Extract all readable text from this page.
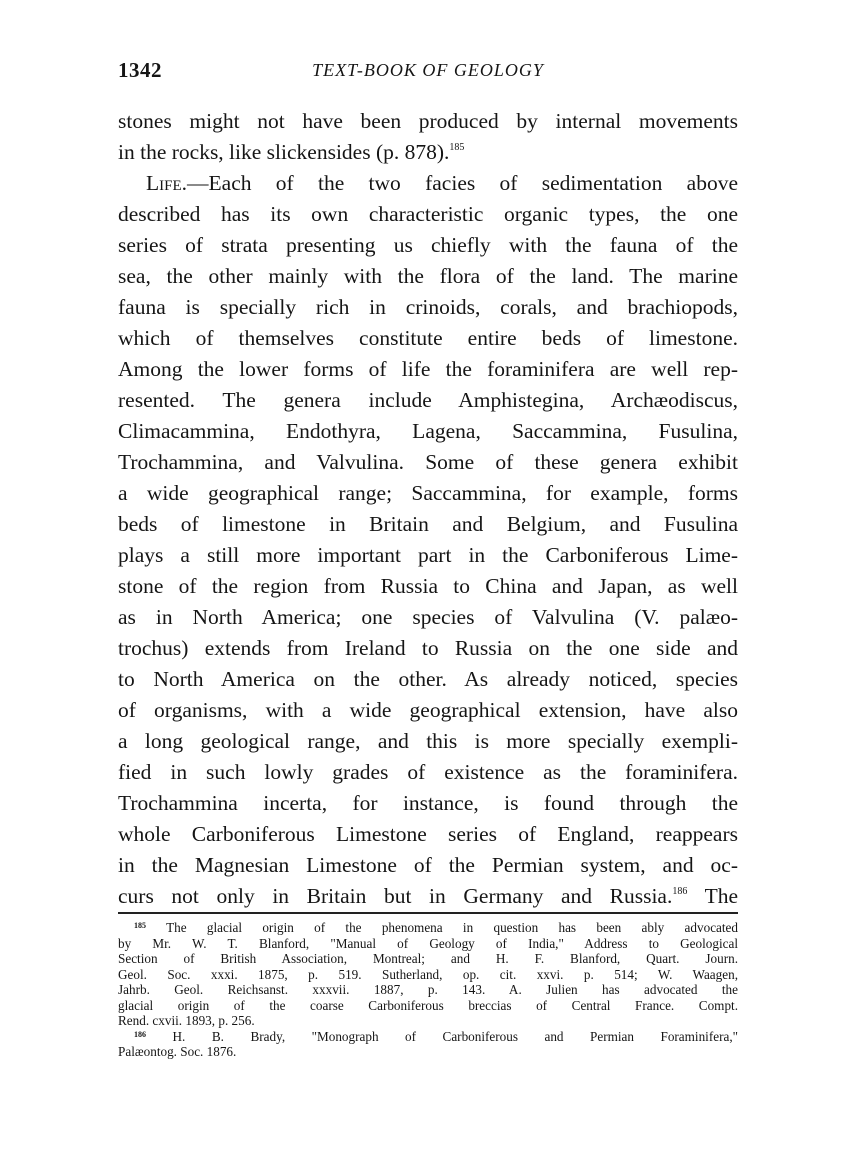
1342	TEXT-BOOK OF GEOLOGY
stones might not have been produced by internal movements
in the rocks, like slickensides (p. 878).$^{185}$
Life.—Each of the two facies of sedimentation above
described has its own characteristic organic types, the one
series of strata presenting us chiefly with the fauna of the
sea, the other mainly with the flora of the land. The marine
fauna is specially rich in crinoids, corals, and brachiopods,
which of themselves constitute entire beds of limestone.
Among the lower forms of life the foraminifera are well rep-
resented. The genera include Amphistegina, Archæodiscus,
Climacammina, Endothyra, Lagena, Saccammina, Fusulina,
Trochammina, and Valvulina. Some of these genera exhibit
a wide geographical range; Saccammina, for example, forms
beds of limestone in Britain and Belgium, and Fusulina
plays a still more important part in the Carboniferous Lime-
stone of the region from Russia to China and Japan, as well
as in North America; one species of Valvulina (V. palæo-
trochus) extends from Ireland to Russia on the one side and
to North America on the other. As already noticed, species
of organisms, with a wide geographical extension, have also
a long geological range, and this is more specially exempli-
fied in such lowly grades of existence as the foraminifera.
Trochammina incerta, for instance, is found through the
whole Carboniferous Limestone series of England, reappears
in the Magnesian Limestone of the Permian system, and oc-
curs not only in Britain but in Germany and Russia.$^{186}$ The
$^{185}$ The glacial origin of the phenomena in question has been ably advocated
by Mr. W. T. Blanford, "Manual of Geology of India," Address to Geological
Section of British Association, Montreal; and H. F. Blanford, Quart. Journ.
Geol. Soc. xxxi. 1875, p. 519. Sutherland, op. cit. xxvi. p. 514; W. Waagen,
Jahrb. Geol. Reichsanst. xxxvii. 1887, p. 143. A. Julien has advocated the
glacial origin of the coarse Carboniferous breccias of Central France. Compt.
Rend. cxvii. 1893, p. 256.
$^{186}$ H. B. Brady, "Monograph of Carboniferous and Permian Foraminifera,"
Palæontog. Soc. 1876.
